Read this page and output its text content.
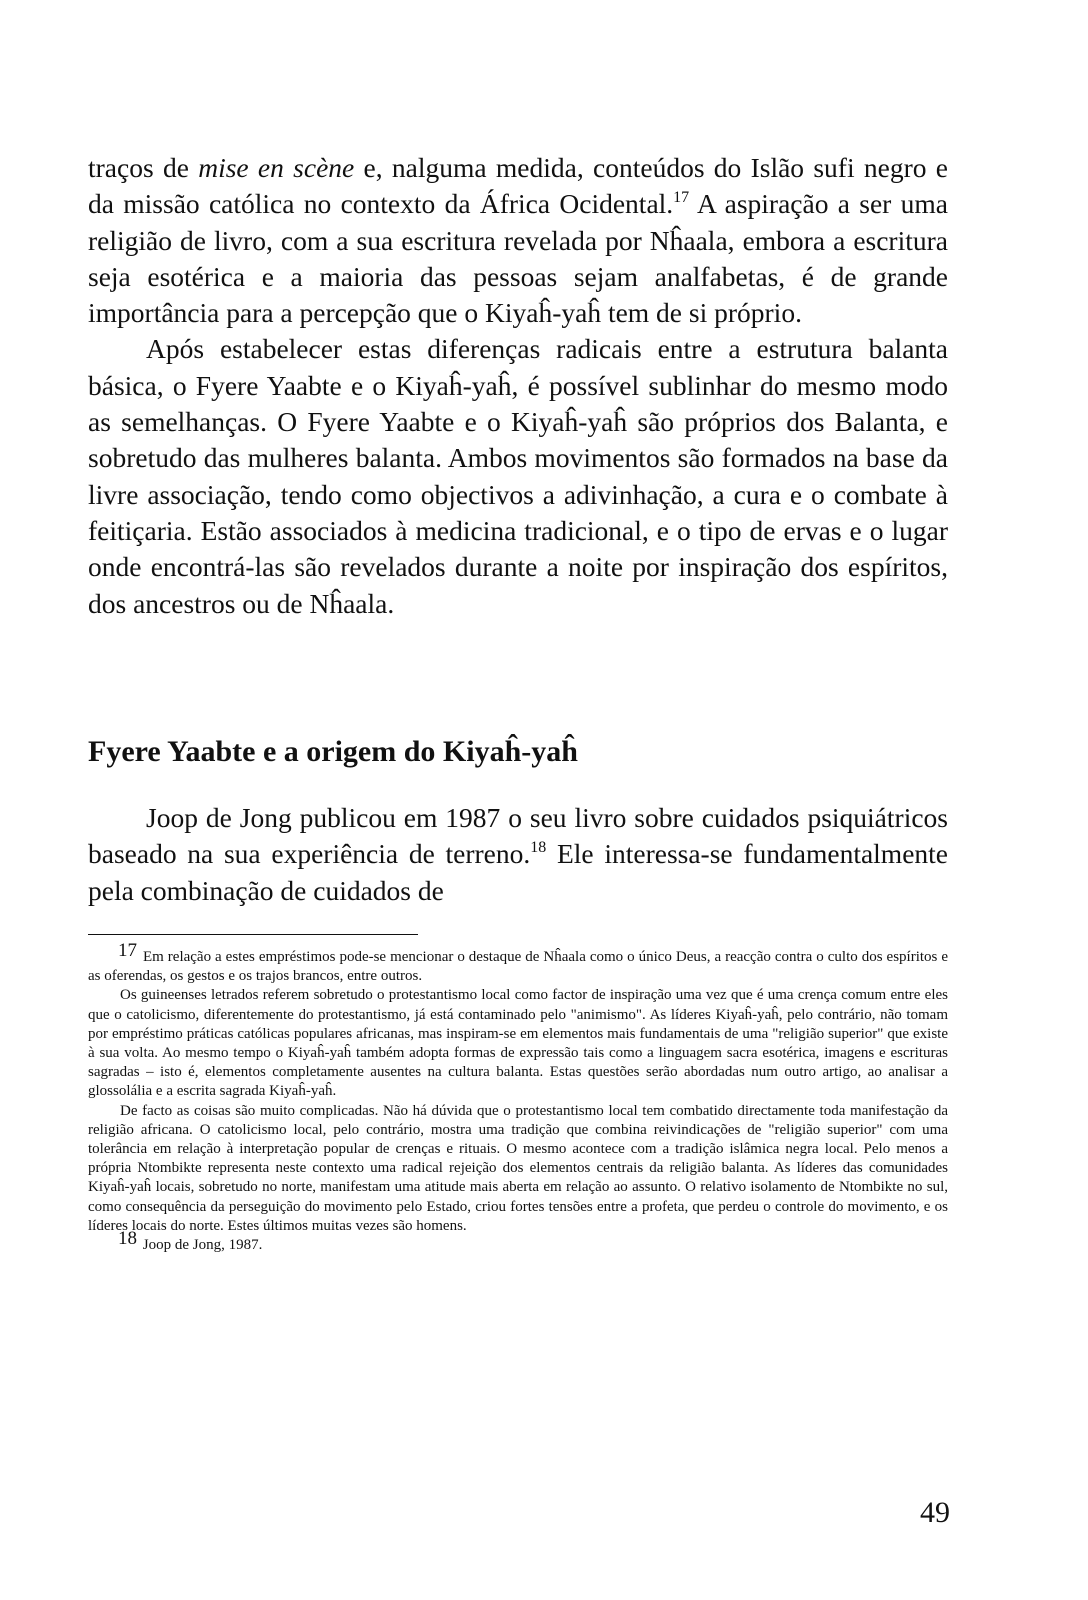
traços de mise en scène e, nalguma medida, conteúdos do Islão sufi negro e da missão católica no contexto da África Ocidental.$^{17}$ A aspiração a ser uma religião de livro, com a sua escritura revelada por Nĥaala, embora a escritura seja esotérica e a maioria das pessoas sejam analfabetas, é de grande importância para a percepção que o Kiyaĥ-yaĥ tem de si próprio.

Após estabelecer estas diferenças radicais entre a estrutura balanta básica, o Fyere Yaabte e o Kiyaĥ-yaĥ, é possível sublinhar do mesmo modo as semelhanças. O Fyere Yaabte e o Kiyaĥ-yaĥ são próprios dos Balanta, e sobretudo das mulheres balanta. Ambos movimentos são formados na base da livre associação, tendo como objectivos a adivinhação, a cura e o combate à feitiçaria. Estão associados à medicina tradicional, e o tipo de ervas e o lugar onde encontrá-las são revelados durante a noite por inspiração dos espíritos, dos ancestros ou de Nĥaala.

Fyere Yaabte e a origem do Kiyaĥ-yaĥ

Joop de Jong publicou em 1987 o seu livro sobre cuidados psiquiátricos baseado na sua experiência de terreno.$^{18}$ Ele interessa-se fundamentalmente pela combinação de cuidados de

17 Em relação a estes empréstimos pode-se mencionar o destaque de Nĥaala como o único Deus, a reacção contra o culto dos espíritos e as oferendas, os gestos e os trajos brancos, entre outros.

Os guineenses letrados referem sobretudo o protestantismo local como factor de inspiração uma vez que é uma crença comum entre eles que o catolicismo, diferentemente do protestantismo, já está contaminado pelo "animismo". As líderes Kiyaĥ-yaĥ, pelo contrário, não tomam por empréstimo práticas católicas populares africanas, mas inspiram-se em elementos mais fundamentais de uma "religião superior" que existe à sua volta. Ao mesmo tempo o Kiyaĥ-yaĥ também adopta formas de expressão tais como a linguagem sacra esotérica, imagens e escrituras sagradas – isto é, elementos completamente ausentes na cultura balanta. Estas questões serão abordadas num outro artigo, ao analisar a glossolália e a escrita sagrada Kiyaĥ-yaĥ.

De facto as coisas são muito complicadas. Não há dúvida que o protestantismo local tem combatido directamente toda manifestação da religião africana. O catolicismo local, pelo contrário, mostra uma tradição que combina reivindicações de "religião superior" com uma tolerância em relação à interpretação popular de crenças e rituais. O mesmo acontece com a tradição islâmica negra local. Pelo menos a própria Ntombikte representa neste contexto uma radical rejeição dos elementos centrais da religião balanta. As líderes das comunidades Kiyaĥ-yaĥ locais, sobretudo no norte, manifestam uma atitude mais aberta em relação ao assunto. O relativo isolamento de Ntombikte no sul, como consequência da perseguição do movimento pelo Estado, criou fortes tensões entre a profeta, que perdeu o controle do movimento, e os líderes locais do norte. Estes últimos muitas vezes são homens.

18 Joop de Jong, 1987.

49
